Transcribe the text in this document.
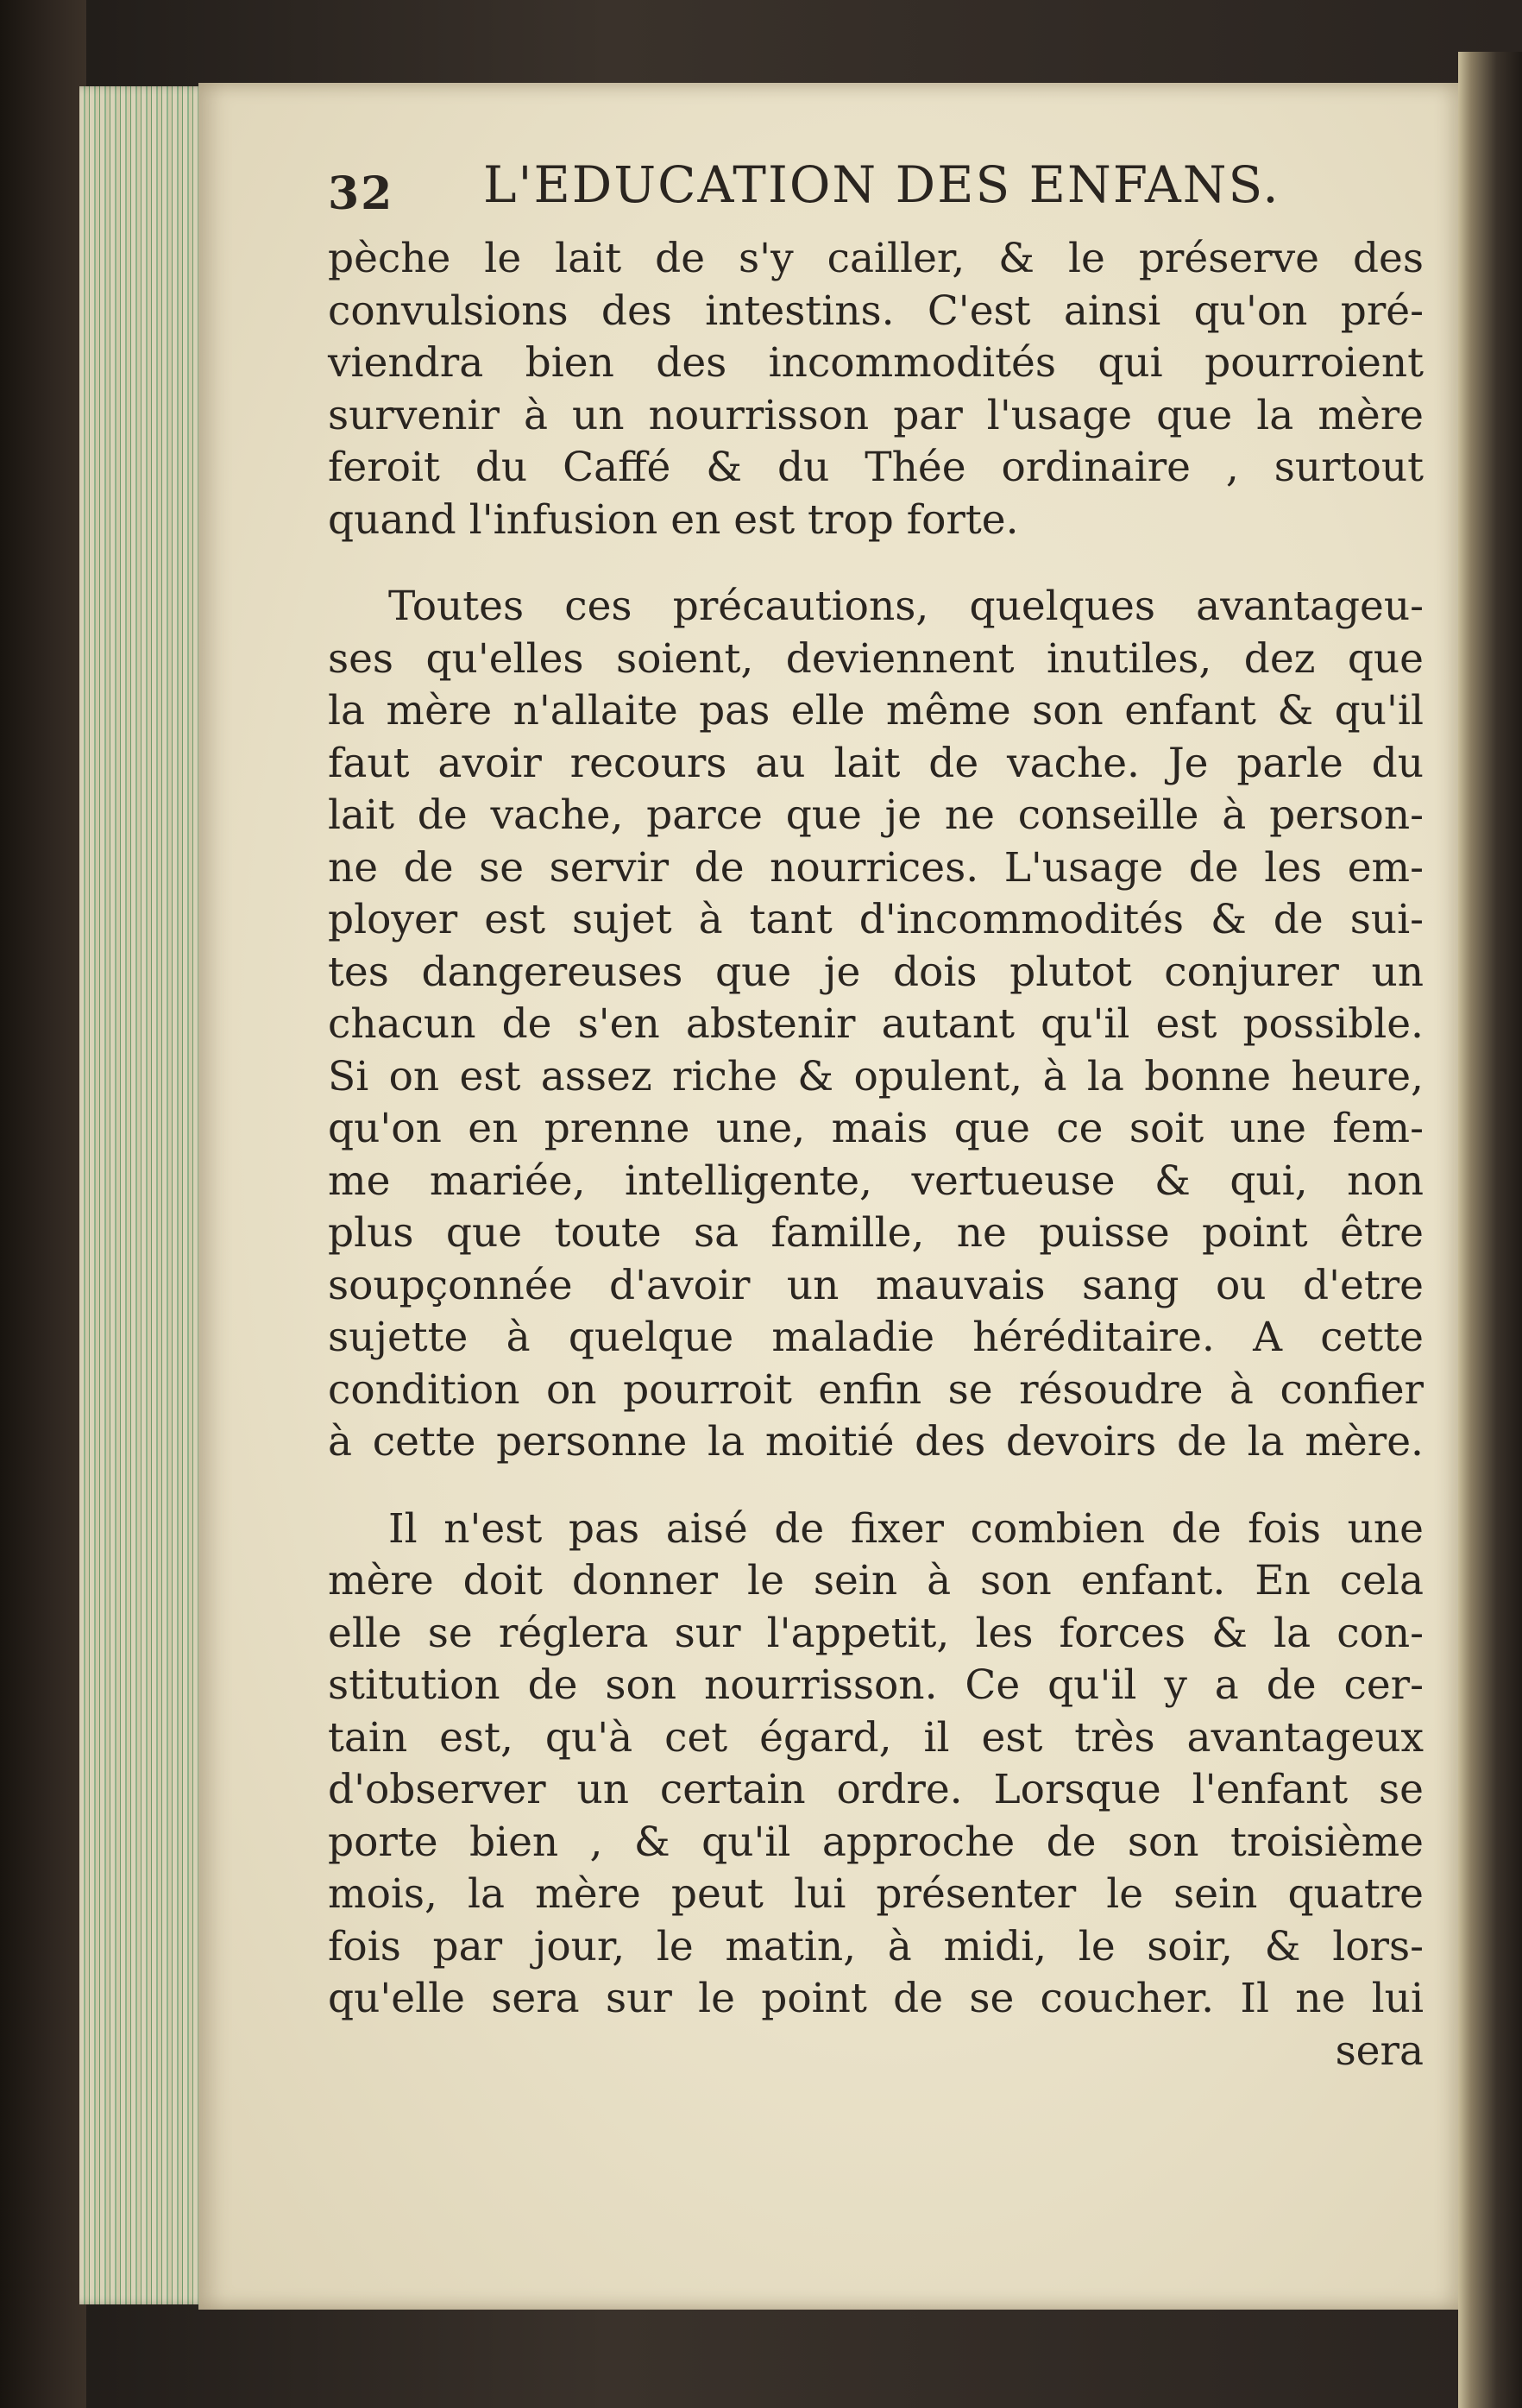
32 L'EDUCATION DES ENFANS.
pèche le lait de s'y cailler, & le préserve des
convulsions des intestins. C'est ainsi qu'on pré-
viendra bien des incommodités qui pourroient
survenir à un nourrisson par l'usage que la mère
feroit du Caffé & du Thée ordinaire , surtout
quand l'infusion en est trop forte.
Toutes ces précautions, quelques avantageu-
ses qu'elles soient, deviennent inutiles, dez que
la mère n'allaite pas elle même son enfant & qu'il
faut avoir recours au lait de vache. Je parle du
lait de vache, parce que je ne conseille à person-
ne de se servir de nourrices. L'usage de les em-
ployer est sujet à tant d'incommodités & de sui-
tes dangereuses que je dois plutot conjurer un
chacun de s'en abstenir autant qu'il est possible.
Si on est assez riche & opulent, à la bonne heure,
qu'on en prenne une, mais que ce soit une fem-
me mariée, intelligente, vertueuse & qui, non
plus que toute sa famille, ne puisse point être
soupçonnée d'avoir un mauvais sang ou d'etre
sujette à quelque maladie héréditaire. A cette
condition on pourroit enfin se résoudre à confier
à cette personne la moitié des devoirs de la mère.
Il n'est pas aisé de fixer combien de fois une
mère doit donner le sein à son enfant. En cela
elle se réglera sur l'appetit, les forces & la con-
stitution de son nourrisson. Ce qu'il y a de cer-
tain est, qu'à cet égard, il est très avantageux
d'observer un certain ordre. Lorsque l'enfant se
porte bien , & qu'il approche de son troisième
mois, la mère peut lui présenter le sein quatre
fois par jour, le matin, à midi, le soir, & lors-
qu'elle sera sur le point de se coucher. Il ne lui
sera
